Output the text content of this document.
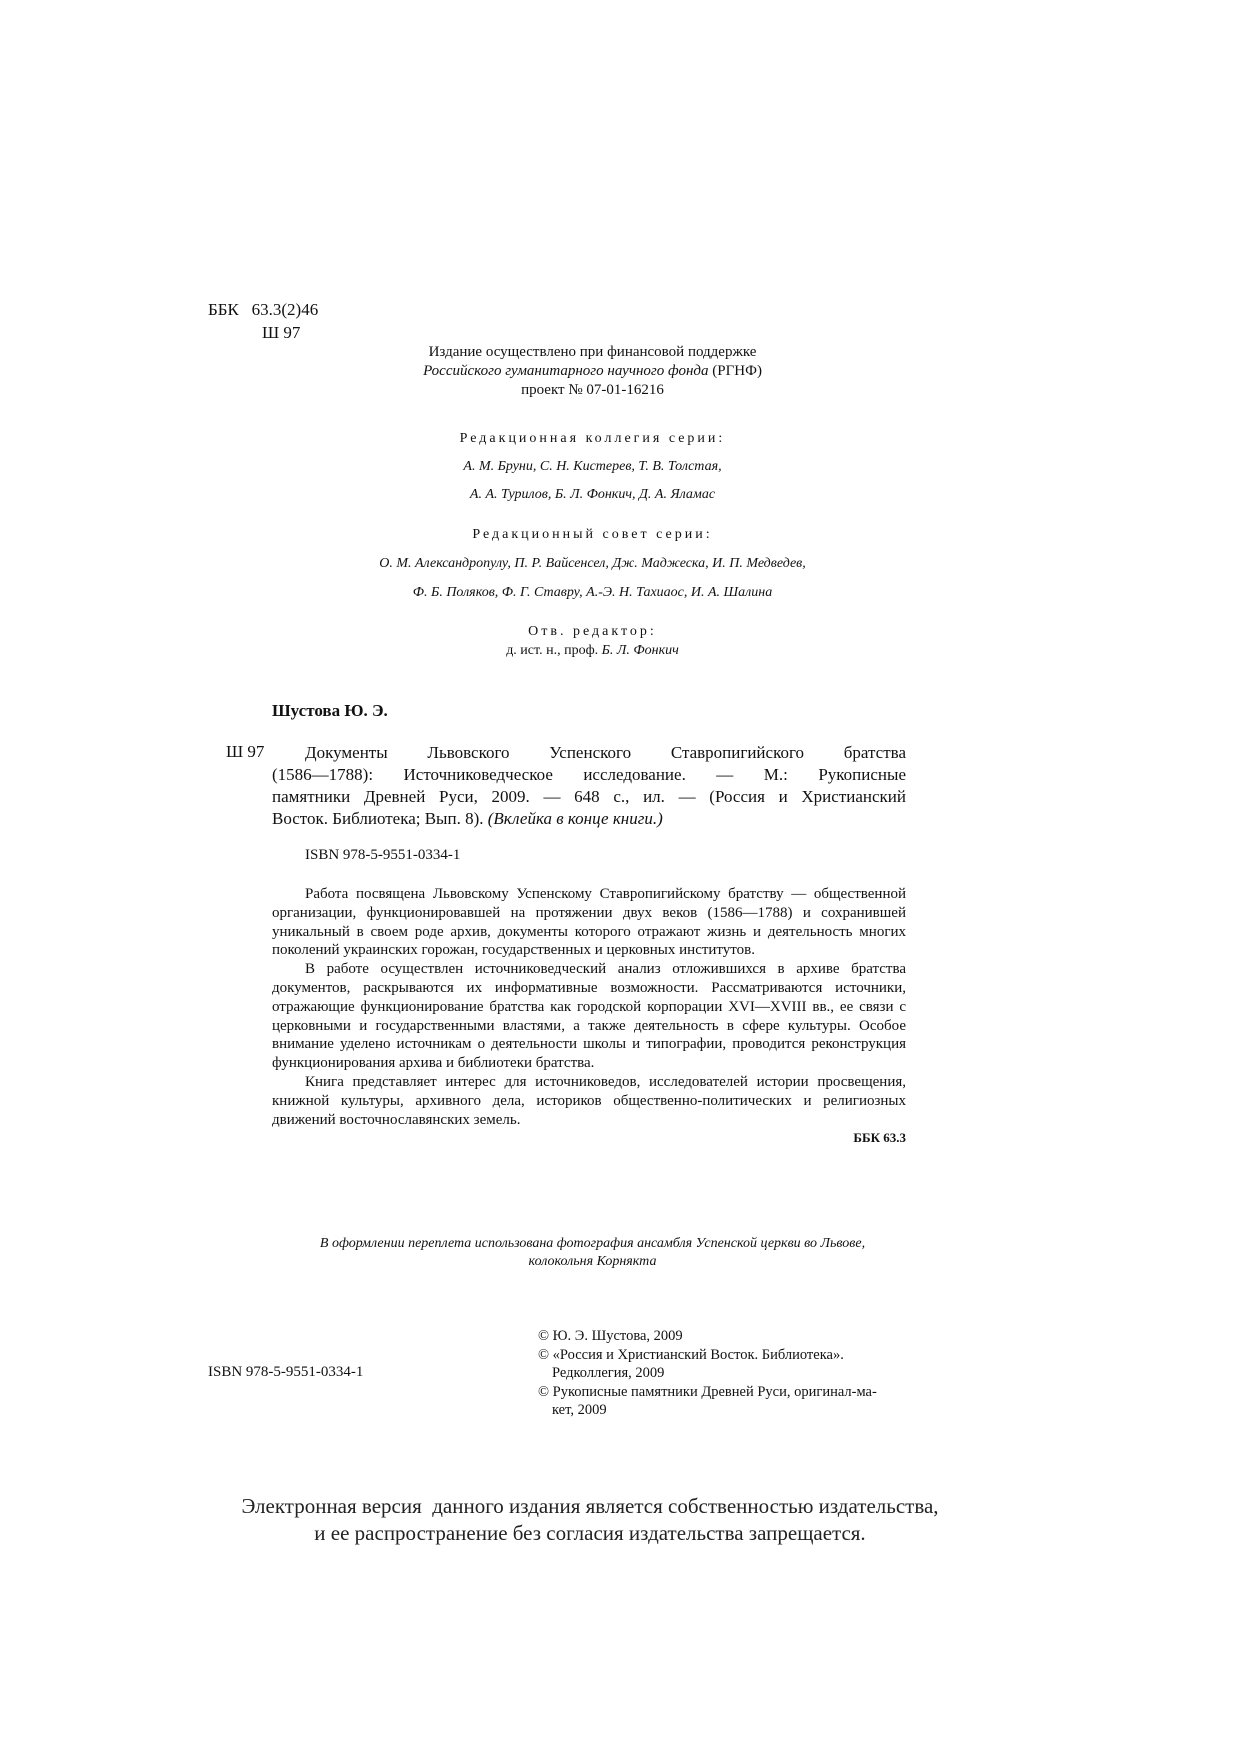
ББК 63.3(2)46
Ш 97
Издание осуществлено при финансовой поддержке
Российского гуманитарного научного фонда (РГНФ)
проект № 07-01-16216
Редакционная коллегия серии:
А. М. Бруни, С. Н. Кистерев, Т. В. Толстая,
А. А. Турилов, Б. Л. Фонкич, Д. А. Яламас
Редакционный совет серии:
О. М. Александропулу, П. Р. Вайсенсел, Дж. Маджеска, И. П. Медведев,
Ф. Б. Поляков, Ф. Г. Ставру, А.-Э. Н. Тахиаос, И. А. Шалина
Отв. редактор:
д. ист. н., проф. Б. Л. Фонкич
Шустова Ю. Э.
Ш 97	Документы Львовского Успенского Ставропигийского братства
(1586—1788): Источниковедческое исследование. — М.: Рукописные
памятники Древней Руси, 2009. — 648 с., ил. — (Россия и Христианский
Восток. Библиотека; Вып. 8). (Вклейка в конце книги.)
ISBN 978-5-9551-0334-1

Работа посвящена Львовскому Успенскому Ставропигийскому братству — общественной организации, функционировавшей на протяжении двух веков (1586—1788) и сохранившей уникальный в своем роде архив, документы которого отражают жизнь и деятельность многих поколений украинских горожан, государственных и церковных институтов.

В работе осуществлен источниковедческий анализ отложившихся в архиве братства документов, раскрываются их информативные возможности. Рассматриваются источники, отражающие функционирование братства как городской корпорации XVI—XVIII вв., ее связи с церковными и государственными властями, а также деятельность в сфере культуры. Особое внимание уделено источникам о деятельности школы и типографии, проводится реконструкция функционирования архива и библиотеки братства.

Книга представляет интерес для источниковедов, исследователей истории просвещения, книжной культуры, архивного дела, историков общественно-политических и религиозных движений восточнославянских земель.

ББК 63.3
В оформлении переплета использована фотография ансамбля Успенской церкви во Львове,
колокольня Корнякта
ISBN 978-5-9551-0334-1
© Ю. Э. Шустова, 2009
© «Россия и Христианский Восток. Библиотека».
Редколлегия, 2009
© Рукописные памятники Древней Руси, оригинал-ма-
кет, 2009
Электронная версия  данного издания является собственностью издательства,
и ее распространение без согласия издательства запрещается.
